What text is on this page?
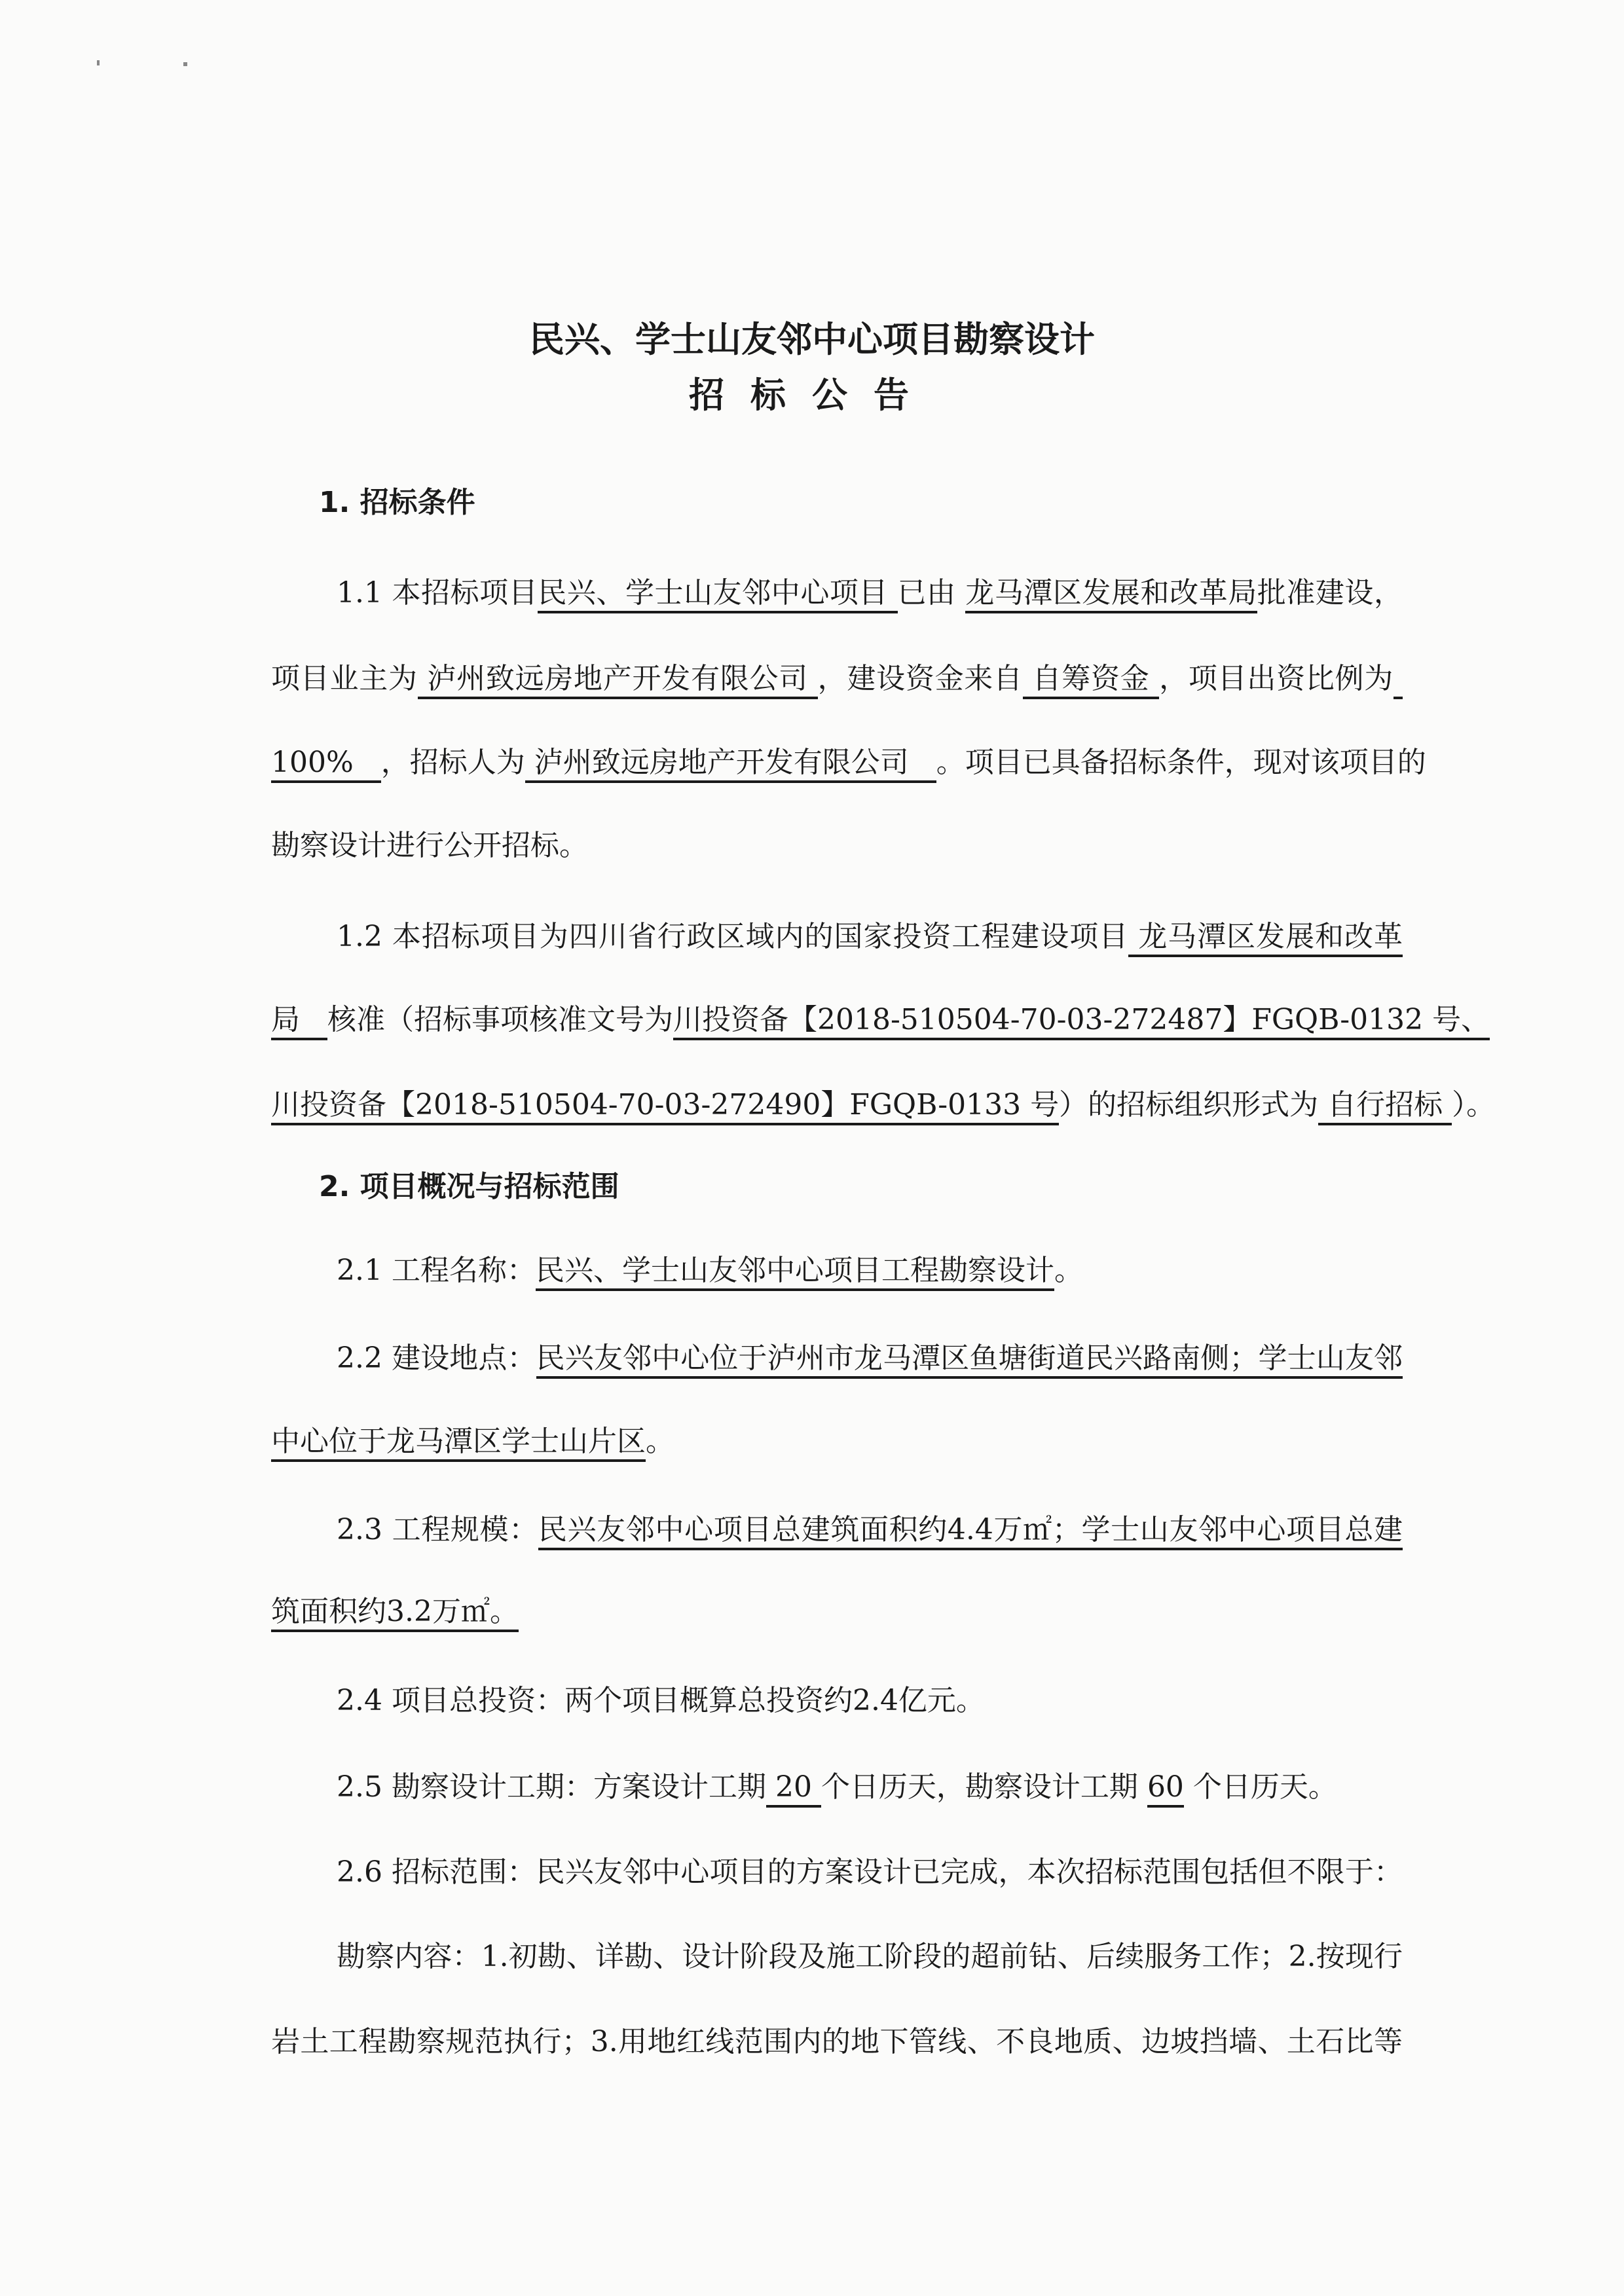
民兴、学士山友邻中心项目勘察设计
招标公告
1. 招标条件
1.1 本招标项目民兴、学士山友邻中心项目 已由 龙马潭区发展和改革局批准建设，
项目业主为 泸州致远房地产开发有限公司 ，建设资金来自 自筹资金 ，项目出资比例为
100%   ，招标人为 泸州致远房地产开发有限公司   。项目已具备招标条件，现对该项目的
勘察设计进行公开招标。
1.2 本招标项目为四川省行政区域内的国家投资工程建设项目 龙马潭区发展和改革
局   核准（招标事项核准文号为川投资备【2018-510504-70-03-272487】FGQB-0132 号、
川投资备【2018-510504-70-03-272490】FGQB-0133 号）的招标组织形式为 自行招标 ）。
2. 项目概况与招标范围
2.1 工程名称：民兴、学士山友邻中心项目工程勘察设计。
2.2 建设地点：民兴友邻中心位于泸州市龙马潭区鱼塘街道民兴路南侧；学士山友邻
中心位于龙马潭区学士山片区。
2.3 工程规模：民兴友邻中心项目总建筑面积约4.4万㎡；学士山友邻中心项目总建
筑面积约3.2万㎡。
2.4 项目总投资：两个项目概算总投资约2.4亿元。
2.5 勘察设计工期：方案设计工期 20 个日历天，勘察设计工期 60 个日历天。
2.6 招标范围：民兴友邻中心项目的方案设计已完成，本次招标范围包括但不限于：
勘察内容：1.初勘、详勘、设计阶段及施工阶段的超前钻、后续服务工作；2.按现行
岩土工程勘察规范执行；3.用地红线范围内的地下管线、不良地质、边坡挡墙、土石比等
